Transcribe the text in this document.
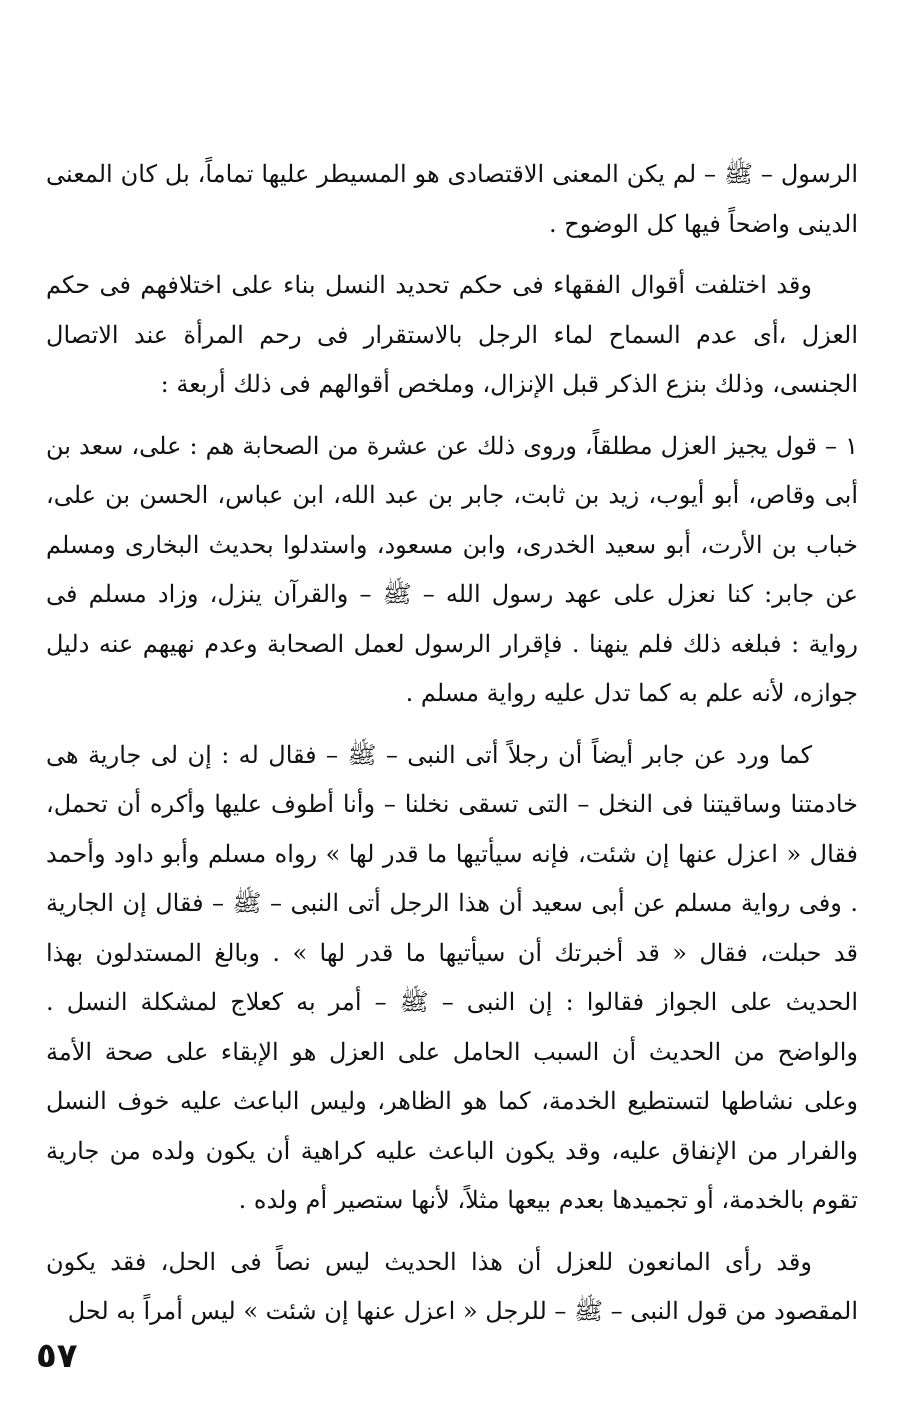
الرسول – ﷺ – لم يكن المعنى الاقتصادى هو المسيطر عليها تماماً، بل كان المعنى الدينى واضحاً فيها كل الوضوح .

وقد اختلفت أقوال الفقهاء فى حكم تحديد النسل بناء على اختلافهم فى حكم العزل ،أى عدم السماح لماء الرجل بالاستقرار فى رحم المرأة عند الاتصال الجنسى، وذلك بنزع الذكر قبل الإنزال، وملخص أقوالهم فى ذلك أربعة :

١ – قول يجيز العزل مطلقاً، وروى ذلك عن عشرة من الصحابة هم : على، سعد بن أبى وقاص، أبو أيوب، زيد بن ثابت، جابر بن عبد الله، ابن عباس، الحسن بن على، خباب بن الأرت، أبو سعيد الخدرى، وابن مسعود، واستدلوا بحديث البخارى ومسلم عن جابر: كنا نعزل على عهد رسول الله – ﷺ – والقرآن ينزل، وزاد مسلم فى رواية : فبلغه ذلك فلم ينهنا . فإقرار الرسول لعمل الصحابة وعدم نهيهم عنه دليل جوازه، لأنه علم به كما تدل عليه رواية مسلم .

كما ورد عن جابر أيضاً أن رجلاً أتى النبى – ﷺ – فقال له : إن لى جارية هى خادمتنا وساقيتنا فى النخل – التى تسقى نخلنا – وأنا أطوف عليها وأكره أن تحمل، فقال « اعزل عنها إن شئت، فإنه سيأتيها ما قدر لها » رواه مسلم وأبو داود وأحمد . وفى رواية مسلم عن أبى سعيد أن هذا الرجل أتى النبى – ﷺ – فقال إن الجارية قد حبلت، فقال « قد أخبرتك أن سيأتيها ما قدر لها » . وبالغ المستدلون بهذا الحديث على الجواز فقالوا : إن النبى – ﷺ – أمر به كعلاج لمشكلة النسل . والواضح من الحديث أن السبب الحامل على العزل هو الإبقاء على صحة الأمة وعلى نشاطها لتستطيع الخدمة، كما هو الظاهر، وليس الباعث عليه خوف النسل والفرار من الإنفاق عليه، وقد يكون الباعث عليه كراهية أن يكون ولده من جارية تقوم بالخدمة، أو تجميدها بعدم بيعها مثلاً، لأنها ستصير أم ولده .

وقد رأى المانعون للعزل أن هذا الحديث ليس نصاً فى الحل، فقد يكون المقصود من قول النبى – ﷺ – للرجل « اعزل عنها إن شئت » ليس أمراً به لحل

٥٧
